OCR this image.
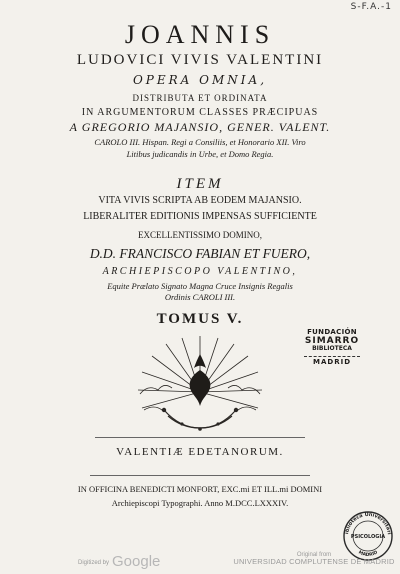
S-F.A.-1
JOANNIS
LUDOVICI VIVIS VALENTINI
OPERA OMNIA,
DISTRIBUTA ET ORDINATA
IN ARGUMENTORUM CLASSES PRÆCIPUAS
A GREGORIO MAJANSIO, GENER. VALENT.
CAROLO III. Hispan. Regi a Consiliis, et Honorario XII. Viro
Litibus judicandis in Urbe, et Domo Regia.
ITEM
VITA VIVIS SCRIPTA AB EODEM MAJANSIO.
LIBERALITER EDITIONIS IMPENSAS SUFFICIENTE
EXCELLENTISSIMO DOMINO,
D.D. FRANCISCO FABIAN ET FUERO,
ARCHIEPISCOPO VALENTINO,
Equite Prælato Signato Magna Cruce Insignis Regalis
Ordinis CAROLI III.
TOMUS V.
FUNDACIÓN
SIMARRO
BIBLIOTECA
MADRID
VALENTIÆ EDETANORUM.
IN OFFICINA BENEDICTI MONFORT, EXC.mi ET ILL.mi DOMINI
Archiepiscopi Typographi. Anno M.DCC.LXXXIV.
iblioteca Universitari
PSICOLOGIA
MADRID
Digitized by Google	Original from
UNIVERSIDAD COMPLUTENSE DE MADRID
